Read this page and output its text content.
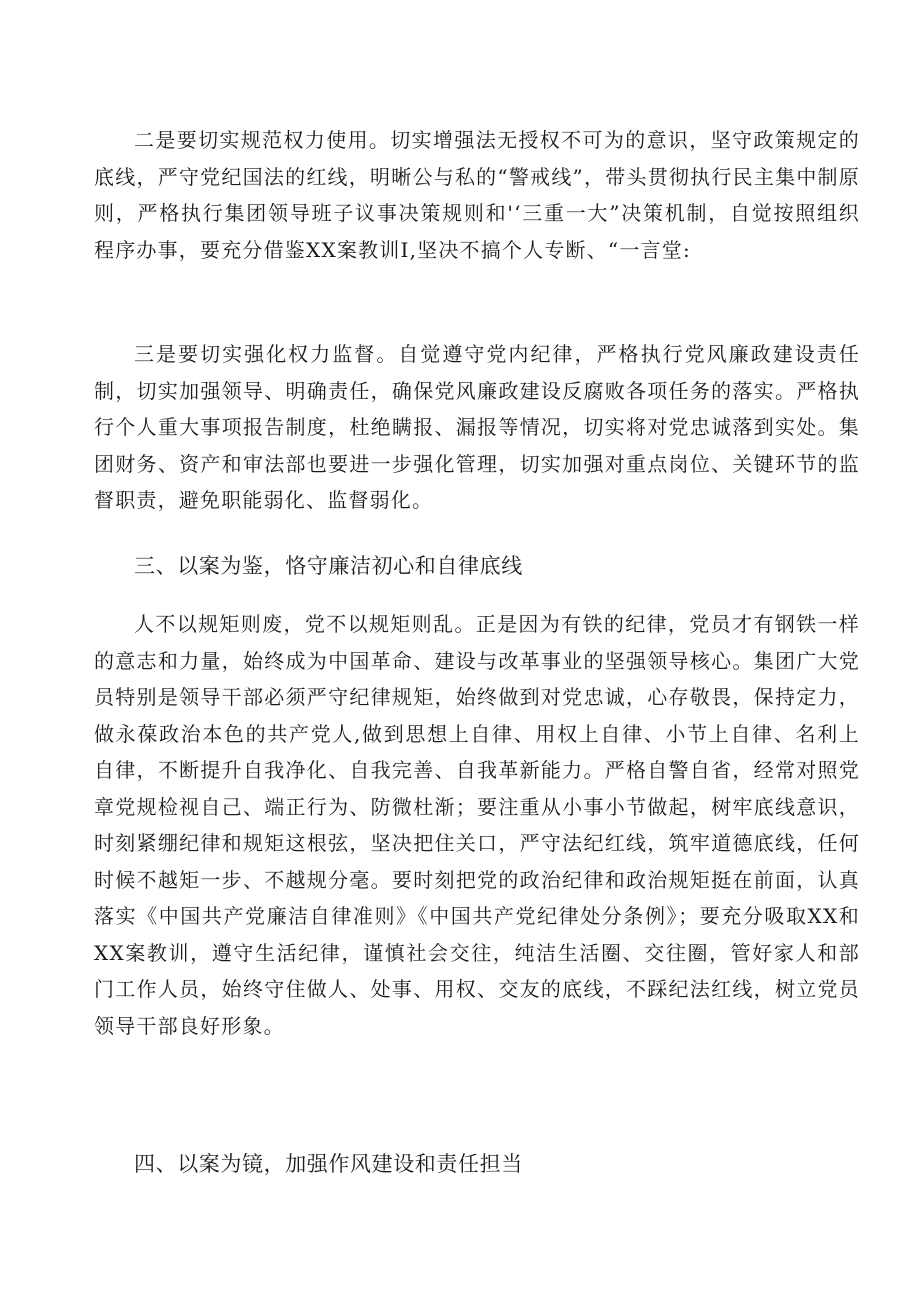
二是要切实规范权力使用。切实增强法无授权不可为的意识，坚守政策规定的底线，严守党纪国法的红线，明晰公与私的“警戒线”，带头贯彻执行民主集中制原则，严格执行集团领导班子议事决策规则和'‘三重一大”决策机制，自觉按照组织程序办事，要充分借鉴XX案教训I,坚决不搞个人专断、“一言堂:

三是要切实强化权力监督。自觉遵守党内纪律，严格执行党风廉政建设责任制，切实加强领导、明确责任，确保党风廉政建设反腐败各项任务的落实。严格执行个人重大事项报告制度，杜绝瞒报、漏报等情况，切实将对党忠诚落到实处。集团财务、资产和审法部也要进一步强化管理，切实加强对重点岗位、关键环节的监督职责，避免职能弱化、监督弱化。

三、以案为鉴，恪守廉洁初心和自律底线

人不以规矩则废，党不以规矩则乱。正是因为有铁的纪律，党员才有钢铁一样的意志和力量，始终成为中国革命、建设与改革事业的坚强领导核心。集团广大党员特别是领导干部必须严守纪律规矩，始终做到对党忠诚，心存敬畏，保持定力，做永葆政治本色的共产党人,做到思想上自律、用权上自律、小节上自律、名利上自律，不断提升自我净化、自我完善、自我革新能力。严格自警自省，经常对照党章党规检视自己、端正行为、防微杜渐；要注重从小事小节做起，树牢底线意识，时刻紧绷纪律和规矩这根弦，坚决把住关口，严守法纪红线，筑牢道德底线，任何时候不越矩一步、不越规分毫。要时刻把党的政治纪律和政治规矩挺在前面，认真落实《中国共产党廉洁自律准则》《中国共产党纪律处分条例》；要充分吸取XX和XX案教训，遵守生活纪律，谨慎社会交往，纯洁生活圈、交往圈，管好家人和部门工作人员，始终守住做人、处事、用权、交友的底线，不踩纪法红线，树立党员领导干部良好形象。

四、以案为镜，加强作风建设和责任担当
